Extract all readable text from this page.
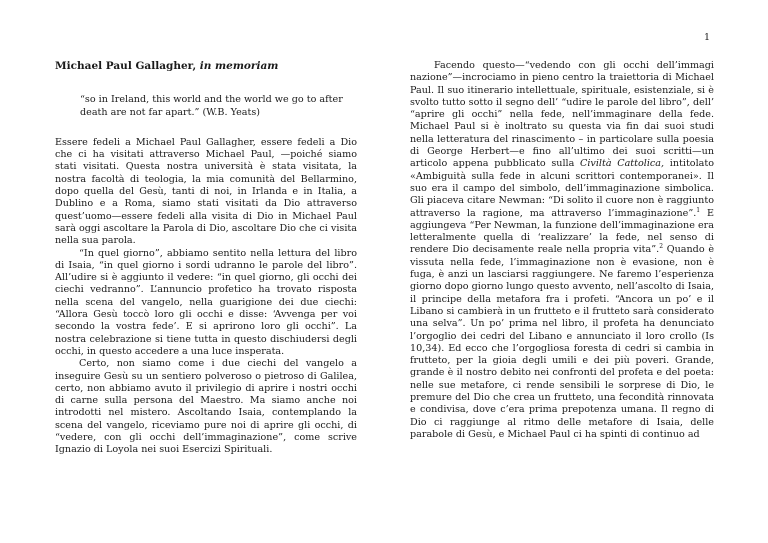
1
Michael Paul Gallagher, in memoriam
“so in Ireland, this world and the world we go to after death are not far apart.” (W.B. Yeats)

Essere fedeli a Michael Paul Gallagher, essere fedeli a Dio che ci ha visitati attraverso Michael Paul, —poiché siamo stati visitati. Questa nostra università è stata visitata, la nostra facoltà di teologia, la mia comunità del Bellarmino, dopo quella del Gesù, tanti di noi, in Irlanda e in Italia, a Dublino e a Roma, siamo stati visitati da Dio attraverso quest’uomo—essere fedeli alla visita di Dio in Michael Paul sarà oggi ascoltare la Parola di Dio, ascoltare Dio che ci visita nella sua parola.

“In quel giorno”, abbiamo sentito nella lettura del libro di Isaia, “in quel giorno i sordi udranno le parole del libro”. All’udire si è aggiunto il vedere: “in quel giorno, gli occhi dei ciechi vedranno”. L’annuncio profetico ha trovato risposta nella scena del vangelo, nella guarigione dei due ciechi: “Allora Gesù toccò loro gli occhi e disse: ‘Avvenga per voi secondo la vostra fede’. E si aprirono loro gli occhi”. La nostra celebrazione si tiene tutta in questo dischiudersi degli occhi, in questo accedere a una luce insperata.

Certo, non siamo come i due ciechi del vangelo a inseguire Gesù su un sentiero polveroso o pietroso di Galilea, certo, non abbiamo avuto il privilegio di aprire i nostri occhi di carne sulla persona del Maestro. Ma siamo anche noi introdotti nel mistero. Ascoltando Isaia, contemplando la scena del vangelo, riceviamo pure noi di aprire gli occhi, di “vedere, con gli occhi dell’immaginazione”, come scrive Ignazio di Loyola nei suoi Esercizi Spirituali.

Facendo questo—“vedendo con gli occhi dell’immagi nazione”—incrociamo in pieno centro la traiettoria di Michael Paul. Il suo itinerario intellettuale, spirituale, esistenziale, si è svolto tutto sotto il segno dell’ “udire le parole del libro”, dell’ “aprire gli occhi” nella fede, nell’immaginare della fede. Michael Paul si è inoltrato su questa via fin dai suoi studi nella letteratura del rinascimento – in particolare sulla poesia di George Herbert—e fino all’ultimo dei suoi scritti—un articolo appena pubblicato sulla Civiltà Cattolica, intitolato «Ambiguità sulla fede in alcuni scrittori contemporanei». Il suo era il campo del simbolo, dell’immaginazione simbolica. Gli piaceva citare Newman: “Di solito il cuore non è raggiunto attraverso la ragione, ma attraverso l’immaginazione”.$^1$ E aggiungeva “Per Newman, la funzione dell’immaginazione era letteralmente quella di ‘realizzare’ la fede, nel senso di rendere Dio decisamente reale nella propria vita”.$^2$ Quando è vissuta nella fede, l’immaginazione non è evasione, non è fuga, è anzi un lasciarsi raggiungere. Ne faremo l’esperienza giorno dopo giorno lungo questo avvento, nell’ascolto di Isaia, il principe della metafora fra i profeti. “Ancora un po’ e il Libano si cambierà in un frutteto e il frutteto sarà considerato una selva”. Un po’ prima nel libro, il profeta ha denunciato l’orgoglio dei cedri del Libano e annunciato il loro crollo (Is 10,34). Ed ecco che l’orgogliosa foresta di cedri si cambia in frutteto, per la gioia degli umili e dei più poveri. Grande, grande è il nostro debito nei confronti del profeta e del poeta: nelle sue metafore, ci rende sensibili le sorprese di Dio, le premure del Dio che crea un frutteto, una fecondità rinnovata e condivisa, dove c’era prima prepotenza umana. Il regno di Dio ci raggiunge al ritmo delle metafore di Isaia, delle parabole di Gesù, e Michael Paul ci ha spinti di continuo ad
